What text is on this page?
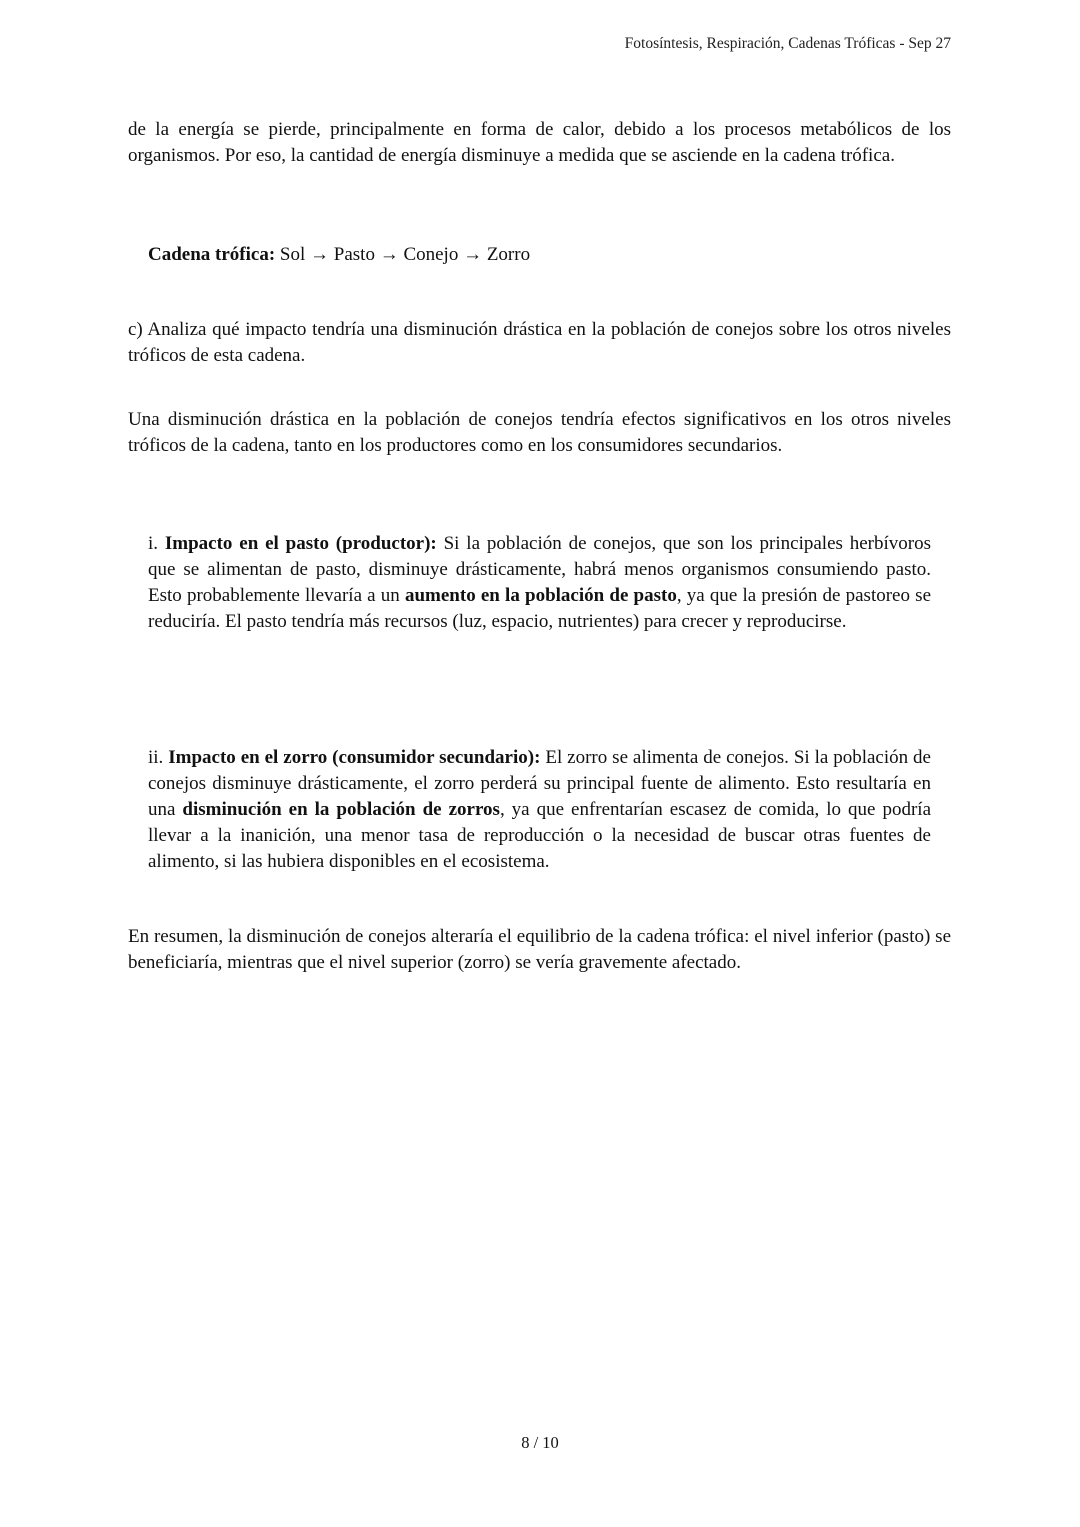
Fotosíntesis, Respiración, Cadenas Tróficas - Sep 27

de la energía se pierde, principalmente en forma de calor, debido a los procesos metabólicos de los organismos. Por eso, la cantidad de energía disminuye a medida que se asciende en la cadena trófica.

Cadena trófica: Sol → Pasto → Conejo → Zorro

c) Analiza qué impacto tendría una disminución drástica en la población de conejos sobre los otros niveles tróficos de esta cadena.

Una disminución drástica en la población de conejos tendría efectos significativos en los otros niveles tróficos de la cadena, tanto en los productores como en los consumidores secundarios.

i. Impacto en el pasto (productor): Si la población de conejos, que son los principales herbívoros que se alimentan de pasto, disminuye drásticamente, habrá menos organismos consumiendo pasto. Esto probablemente llevaría a un aumento en la población de pasto, ya que la presión de pastoreo se reduciría. El pasto tendría más recursos (luz, espacio, nutrientes) para crecer y reproducirse.

ii. Impacto en el zorro (consumidor secundario): El zorro se alimenta de conejos. Si la población de conejos disminuye drásticamente, el zorro perderá su principal fuente de alimento. Esto resultaría en una disminución en la población de zorros, ya que enfrentarían escasez de comida, lo que podría llevar a la inanición, una menor tasa de reproducción o la necesidad de buscar otras fuentes de alimento, si las hubiera disponibles en el ecosistema.

En resumen, la disminución de conejos alteraría el equilibrio de la cadena trófica: el nivel inferior (pasto) se beneficiaría, mientras que el nivel superior (zorro) se vería gravemente afectado.

8 / 10
